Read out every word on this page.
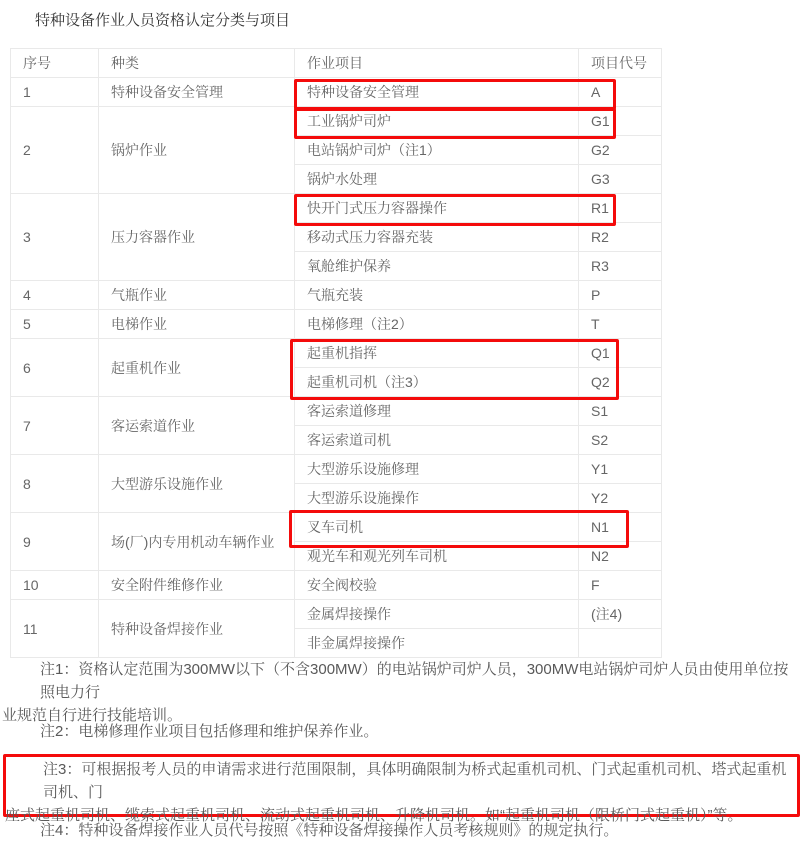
特种设备作业人员资格认定分类与项目
序号	种类	作业项目	项目代号
1	特种设备安全管理	特种设备安全管理	A
2	锅炉作业	工业锅炉司炉	G1
		电站锅炉司炉（注1）	G2
		锅炉水处理	G3
3	压力容器作业	快开门式压力容器操作	R1
		移动式压力容器充装	R2
		氧舱维护保养	R3
4	气瓶作业	气瓶充装	P
5	电梯作业	电梯修理（注2）	T
6	起重机作业	起重机指挥	Q1
		起重机司机（注3）	Q2
7	客运索道作业	客运索道修理	S1
		客运索道司机	S2
8	大型游乐设施作业	大型游乐设施修理	Y1
		大型游乐设施操作	Y2
9	场(厂)内专用机动车辆作业	叉车司机	N1
		观光车和观光列车司机	N2
10	安全附件维修作业	安全阀校验	F
11	特种设备焊接作业	金属焊接操作	(注4)
		非金属焊接操作	
注1：资格认定范围为300MW以下（不含300MW）的电站锅炉司炉人员，300MW电站锅炉司炉人员由使用单位按照电力行
业规范自行进行技能培训。
注2：电梯修理作业项目包括修理和维护保养作业。
注3：可根据报考人员的申请需求进行范围限制，具体明确限制为桥式起重机司机、门式起重机司机、塔式起重机司机、门
座式起重机司机、缆索式起重机司机、流动式起重机司机、升降机司机。如“起重机司机（限桥门式起重机）”等。
注4：特种设备焊接作业人员代号按照《特种设备焊接操作人员考核规则》的规定执行。
